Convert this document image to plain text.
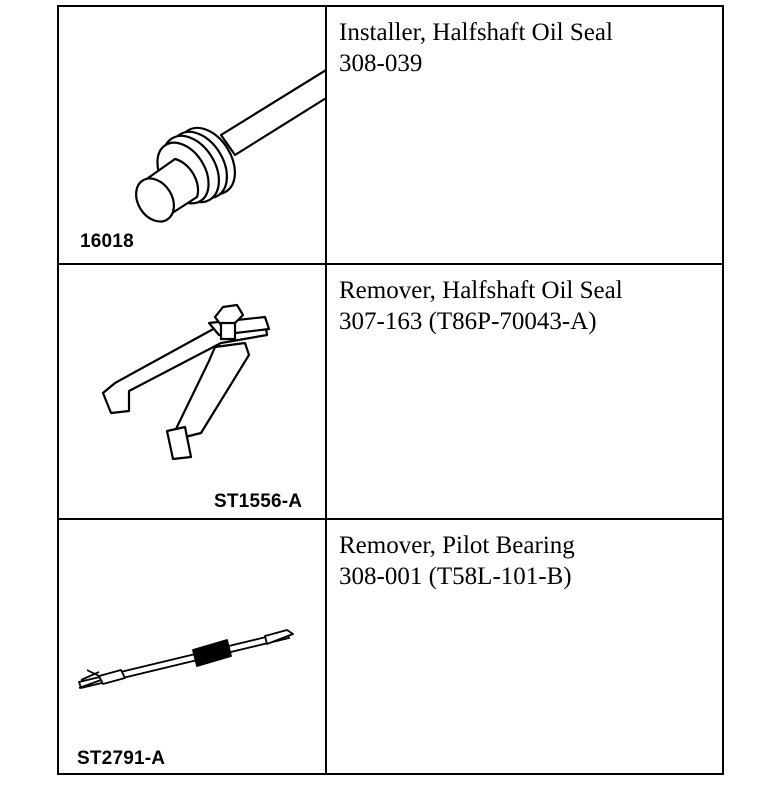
16018
Installer, Halfshaft Oil Seal
308-039
ST1556-A
Remover, Halfshaft Oil Seal
307-163 (T86P-70043-A)
ST2791-A
Remover, Pilot Bearing
308-001 (T58L-101-B)
